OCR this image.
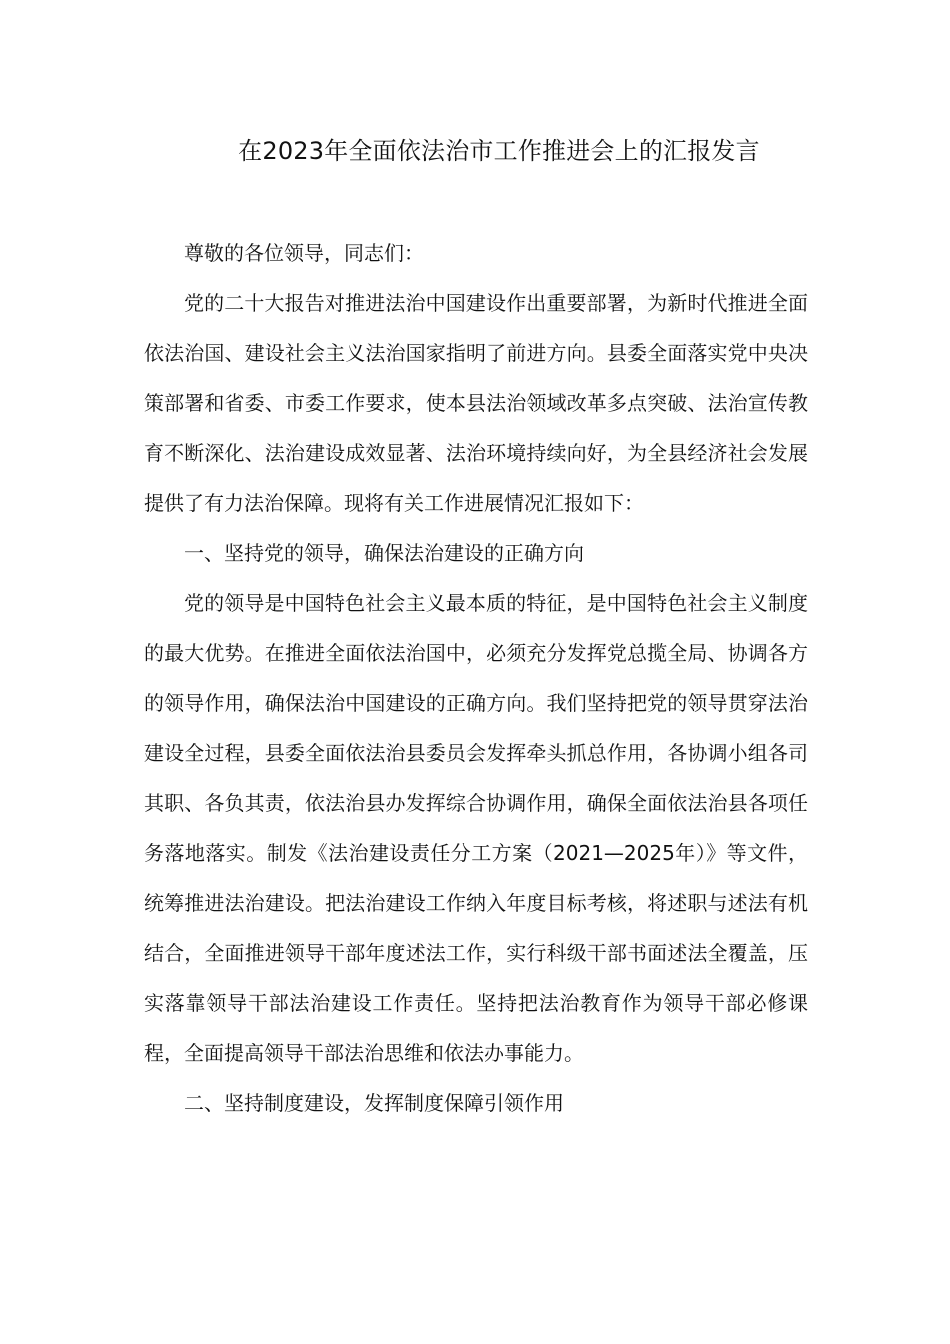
在2023年全面依法治市工作推进会上的汇报发言

尊敬的各位领导，同志们：

党的二十大报告对推进法治中国建设作出重要部署，为新时代推进全面依法治国、建设社会主义法治国家指明了前进方向。县委全面落实党中央决策部署和省委、市委工作要求，使本县法治领域改革多点突破、法治宣传教育不断深化、法治建设成效显著、法治环境持续向好，为全县经济社会发展提供了有力法治保障。现将有关工作进展情况汇报如下：

一、坚持党的领导，确保法治建设的正确方向

党的领导是中国特色社会主义最本质的特征，是中国特色社会主义制度的最大优势。在推进全面依法治国中，必须充分发挥党总揽全局、协调各方的领导作用，确保法治中国建设的正确方向。我们坚持把党的领导贯穿法治建设全过程，县委全面依法治县委员会发挥牵头抓总作用，各协调小组各司其职、各负其责，依法治县办发挥综合协调作用，确保全面依法治县各项任务落地落实。制发《法治建设责任分工方案（2021—2025年）》等文件，统筹推进法治建设。把法治建设工作纳入年度目标考核，将述职与述法有机结合，全面推进领导干部年度述法工作，实行科级干部书面述法全覆盖，压实落靠领导干部法治建设工作责任。坚持把法治教育作为领导干部必修课程，全面提高领导干部法治思维和依法办事能力。

二、坚持制度建设，发挥制度保障引领作用
